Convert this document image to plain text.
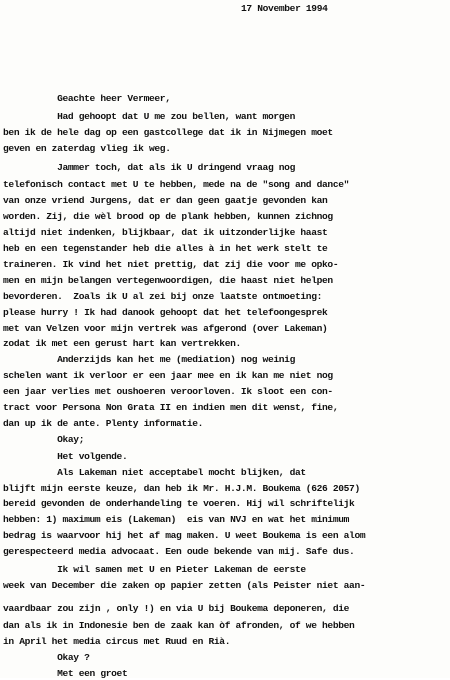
17 November 1994

Geachte heer Vermeer,
Had gehoopt dat U me zou bellen, want morgen
ben ik de hele dag op een gastcollege dat ik in Nijmegen moet
geven en zaterdag vlieg ik weg.
Jammer toch, dat als ik U dringend vraag nog
telefonisch contact met U te hebben, mede na de "song and dance"
van onze vriend Jurgens, dat er dan geen gaatje gevonden kan
worden. Zij, die wèl brood op de plank hebben, kunnen zichnog
altijd niet indenken, blijkbaar, dat ik uitzonderlijke haast
heb en een tegenstander heb die alles à in het werk stelt te
traineren. Ik vind het niet prettig, dat zij die voor me opko-
men en mijn belangen vertegenwoordigen, die haast niet helpen
bevorderen.  Zoals ik U al zei bij onze laatste ontmoeting:
please hurry ! Ik had danook gehoopt dat het telefoongesprek
met van Velzen voor mijn vertrek was afgerond (over Lakeman)
zodat ik met een gerust hart kan vertrekken.
Anderzijds kan het me (mediation) nog weinig
schelen want ik verloor er een jaar mee en ik kan me niet nog
een jaar verlies met oushoeren veroorloven. Ik sloot een con-
tract voor Persona Non Grata II en indien men dit wenst, fine,
dan up ik de ante. Plenty informatie.
Okay;
Het volgende.
Als Lakeman niet acceptabel mocht blijken, dat
blijft mijn eerste keuze, dan heb ik Mr. H.J.M. Boukema (626 2057)
bereid gevonden de onderhandeling te voeren. Hij wil schriftelijk
hebben: 1) maximum eis (Lakeman)  eis van NVJ en wat het minimum
bedrag is waarvoor hij het af mag maken. U weet Boukema is een alom
gerespecteerd media advocaat. Een oude bekende van mij. Safe dus.
Ik wil samen met U en Pieter Lakeman de eerste
week van December die zaken op papier zetten (als Peister niet aan-
vaardbaar zou zijn , only !) en via U bij Boukema deponeren, die
dan als ik in Indonesie ben de zaak kan òf afronden, of we hebben
in April het media circus met Ruud en Rià.
Okay ?
Met een groet
